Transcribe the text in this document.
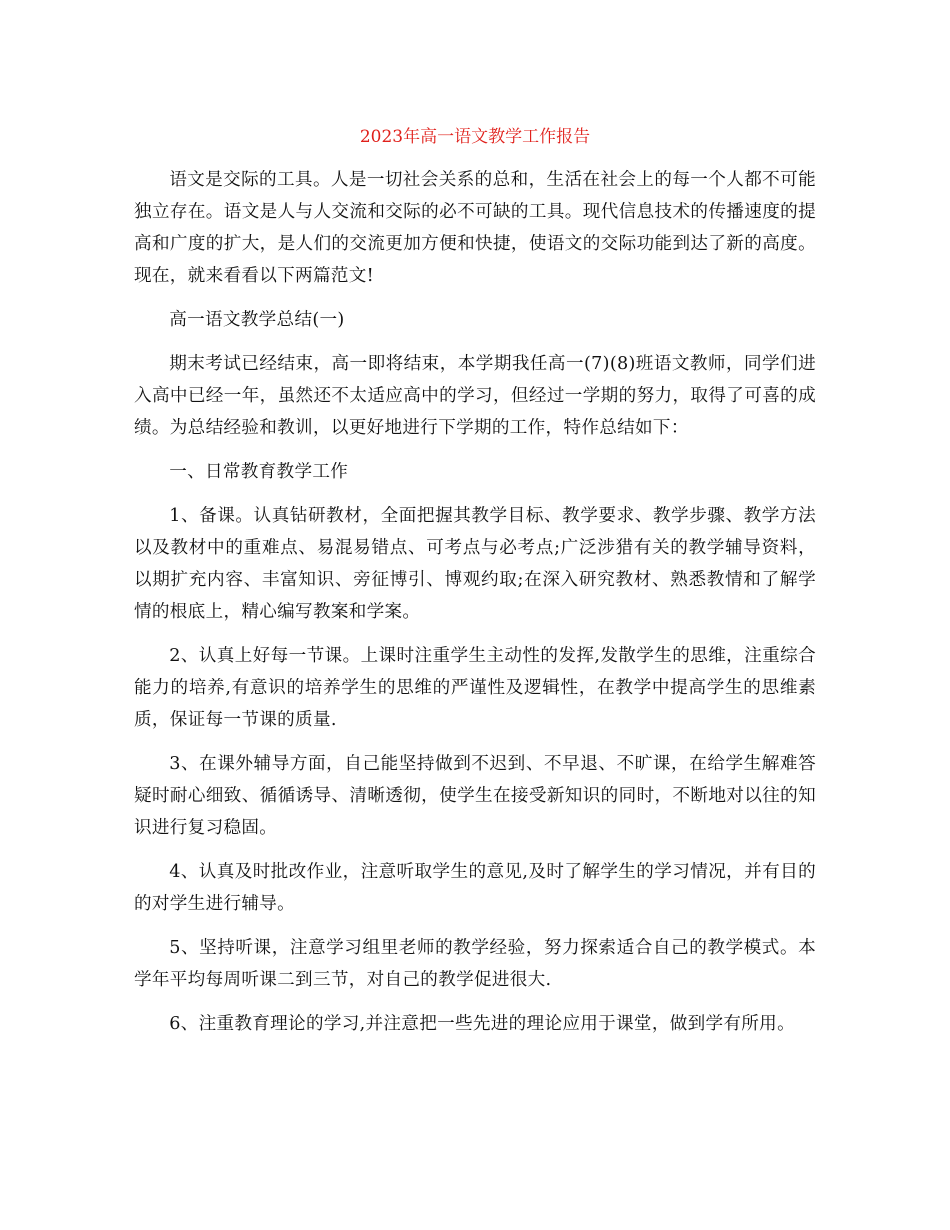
2023年高一语文教学工作报告

语文是交际的工具。人是一切社会关系的总和，生活在社会上的每一个人都不可能独立存在。语文是人与人交流和交际的必不可缺的工具。现代信息技术的传播速度的提高和广度的扩大，是人们的交流更加方便和快捷，使语文的交际功能到达了新的高度。现在，就来看看以下两篇范文!

高一语文教学总结(一)

期末考试已经结束，高一即将结束，本学期我任高一(7)(8)班语文教师，同学们进入高中已经一年，虽然还不太适应高中的学习，但经过一学期的努力，取得了可喜的成绩。为总结经验和教训，以更好地进行下学期的工作，特作总结如下：

一、日常教育教学工作

1、备课。认真钻研教材，全面把握其教学目标、教学要求、教学步骤、教学方法以及教材中的重难点、易混易错点、可考点与必考点;广泛涉猎有关的教学辅导资料，以期扩充内容、丰富知识、旁征博引、博观约取;在深入研究教材、熟悉教情和了解学情的根底上，精心编写教案和学案。

2、认真上好每一节课。上课时注重学生主动性的发挥,发散学生的思维，注重综合能力的培养,有意识的培养学生的思维的严谨性及逻辑性，在教学中提高学生的思维素质，保证每一节课的质量.

3、在课外辅导方面，自己能坚持做到不迟到、不早退、不旷课，在给学生解难答疑时耐心细致、循循诱导、清晰透彻，使学生在接受新知识的同时，不断地对以往的知识进行复习稳固。

4、认真及时批改作业，注意听取学生的意见,及时了解学生的学习情况，并有目的的对学生进行辅导。

5、坚持听课，注意学习组里老师的教学经验，努力探索适合自己的教学模式。本学年平均每周听课二到三节，对自己的教学促进很大.

6、注重教育理论的学习,并注意把一些先进的理论应用于课堂，做到学有所用。
